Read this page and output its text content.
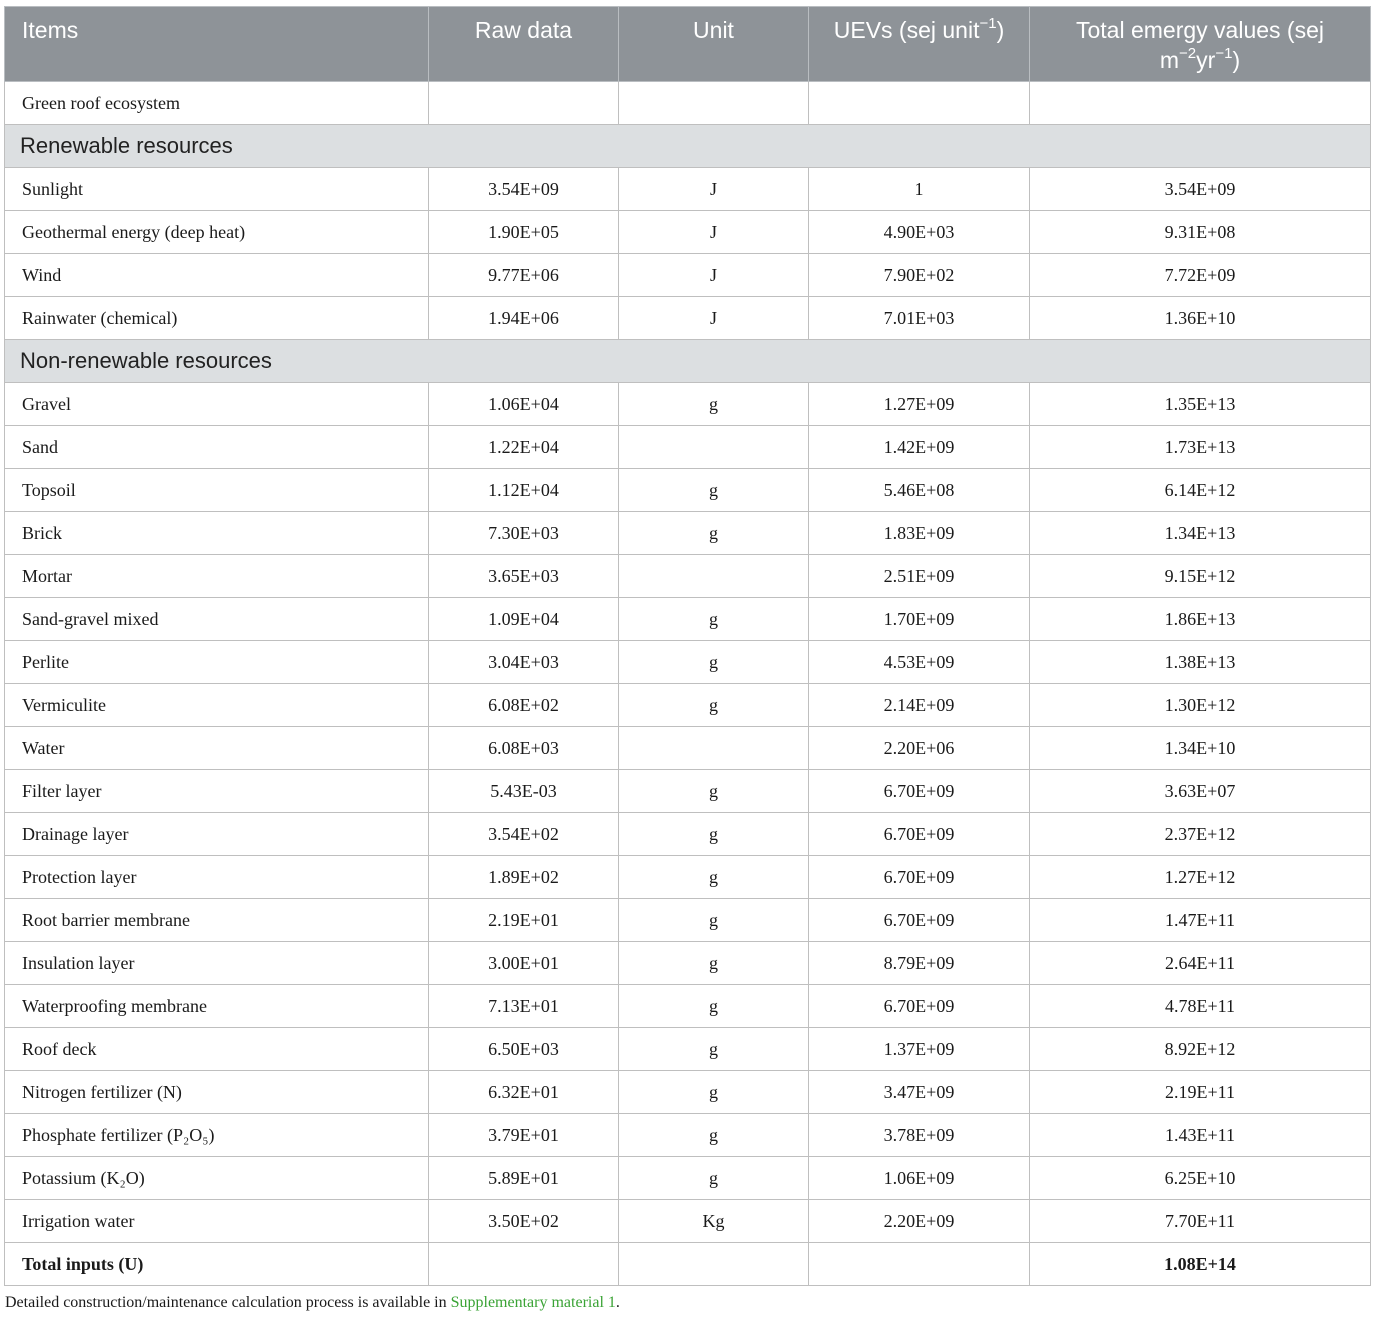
Items	Raw data	Unit	UEVs (sej unit$^{-1}$)	Total emergy values (sej $m^{-2}yr^{-1}$)
Green roof ecosystem				
Renewable resources				
Sunlight	3.54E+09	J	1	3.54E+09
Geothermal energy (deep heat)	1.90E+05	J	4.90E+03	9.31E+08
Wind	9.77E+06	J	7.90E+02	7.72E+09
Rainwater (chemical)	1.94E+06	J	7.01E+03	1.36E+10
Non-renewable resources				
Gravel	1.06E+04	g	1.27E+09	1.35E+13
Sand	1.22E+04		1.42E+09	1.73E+13
Topsoil	1.12E+04	g	5.46E+08	6.14E+12
Brick	7.30E+03	g	1.83E+09	1.34E+13
Mortar	3.65E+03		2.51E+09	9.15E+12
Sand-gravel mixed	1.09E+04	g	1.70E+09	1.86E+13
Perlite	3.04E+03	g	4.53E+09	1.38E+13
Vermiculite	6.08E+02	g	2.14E+09	1.30E+12
Water	6.08E+03		2.20E+06	1.34E+10
Filter layer	5.43E-03	g	6.70E+09	3.63E+07
Drainage layer	3.54E+02	g	6.70E+09	2.37E+12
Protection layer	1.89E+02	g	6.70E+09	1.27E+12
Root barrier membrane	2.19E+01	g	6.70E+09	1.47E+11
Insulation layer	3.00E+01	g	8.79E+09	2.64E+11
Waterproofing membrane	7.13E+01	g	6.70E+09	4.78E+11
Roof deck	6.50E+03	g	1.37E+09	8.92E+12
Nitrogen fertilizer (N)	6.32E+01	g	3.47E+09	2.19E+11
Phosphate fertilizer (P₂O₅)	3.79E+01	g	3.78E+09	1.43E+11
Potassium (K₂O)	5.89E+01	g	1.06E+09	6.25E+10
Irrigation water	3.50E+02	Kg	2.20E+09	7.70E+11
Total inputs (U)				1.08E+14
Detailed construction/maintenance calculation process is available in Supplementary material 1.
